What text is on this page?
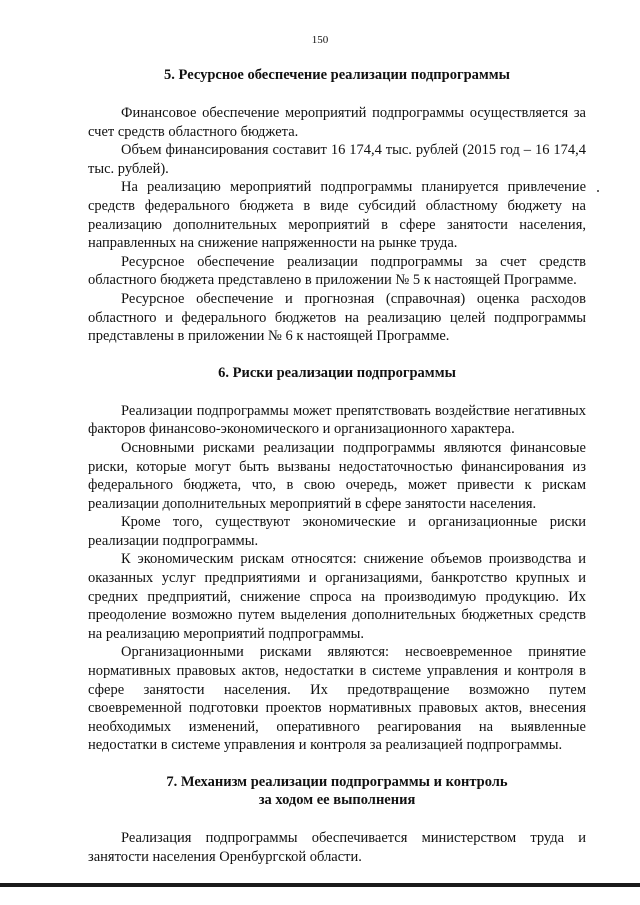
150
5. Ресурсное обеспечение реализации подпрограммы

Финансовое обеспечение мероприятий подпрограммы осуществляется за счет средств областного бюджета.

Объем финансирования составит 16 174,4 тыс. рублей (2015 год – 16 174,4 тыс. рублей).

На реализацию мероприятий подпрограммы планируется привлечение средств федерального бюджета в виде субсидий областному бюджету на реализацию дополнительных мероприятий в сфере занятости населения, направленных на снижение напряженности на рынке труда.

Ресурсное обеспечение реализации подпрограммы за счет средств областного бюджета представлено в приложении № 5 к настоящей Программе.

Ресурсное обеспечение и прогнозная (справочная) оценка расходов областного и федерального бюджетов на реализацию целей подпрограммы представлены в приложении № 6 к настоящей Программе.

6. Риски реализации подпрограммы

Реализации подпрограммы может препятствовать воздействие негативных факторов финансово-экономического и организационного характера.

Основными рисками реализации подпрограммы являются финансовые риски, которые могут быть вызваны недостаточностью финансирования из федерального бюджета, что, в свою очередь, может привести к рискам реализации дополнительных мероприятий в сфере занятости населения.

Кроме того, существуют экономические и организационные риски реализации подпрограммы.

К экономическим рискам относятся: снижение объемов производства и оказанных услуг предприятиями и организациями, банкротство крупных и средних предприятий, снижение спроса на производимую продукцию. Их преодоление возможно путем выделения дополнительных бюджетных средств на реализацию мероприятий подпрограммы.

Организационными рисками являются: несвоевременное принятие нормативных правовых актов, недостатки в системе управления и контроля в сфере занятости населения. Их предотвращение возможно путем своевременной подготовки проектов нормативных правовых актов, внесения необходимых изменений, оперативного реагирования на выявленные недостатки в системе управления и контроля за реализацией подпрограммы.

7. Механизм реализации подпрограммы и контроль
за ходом ее выполнения

Реализация подпрограммы обеспечивается министерством труда и занятости населения Оренбургской области.
